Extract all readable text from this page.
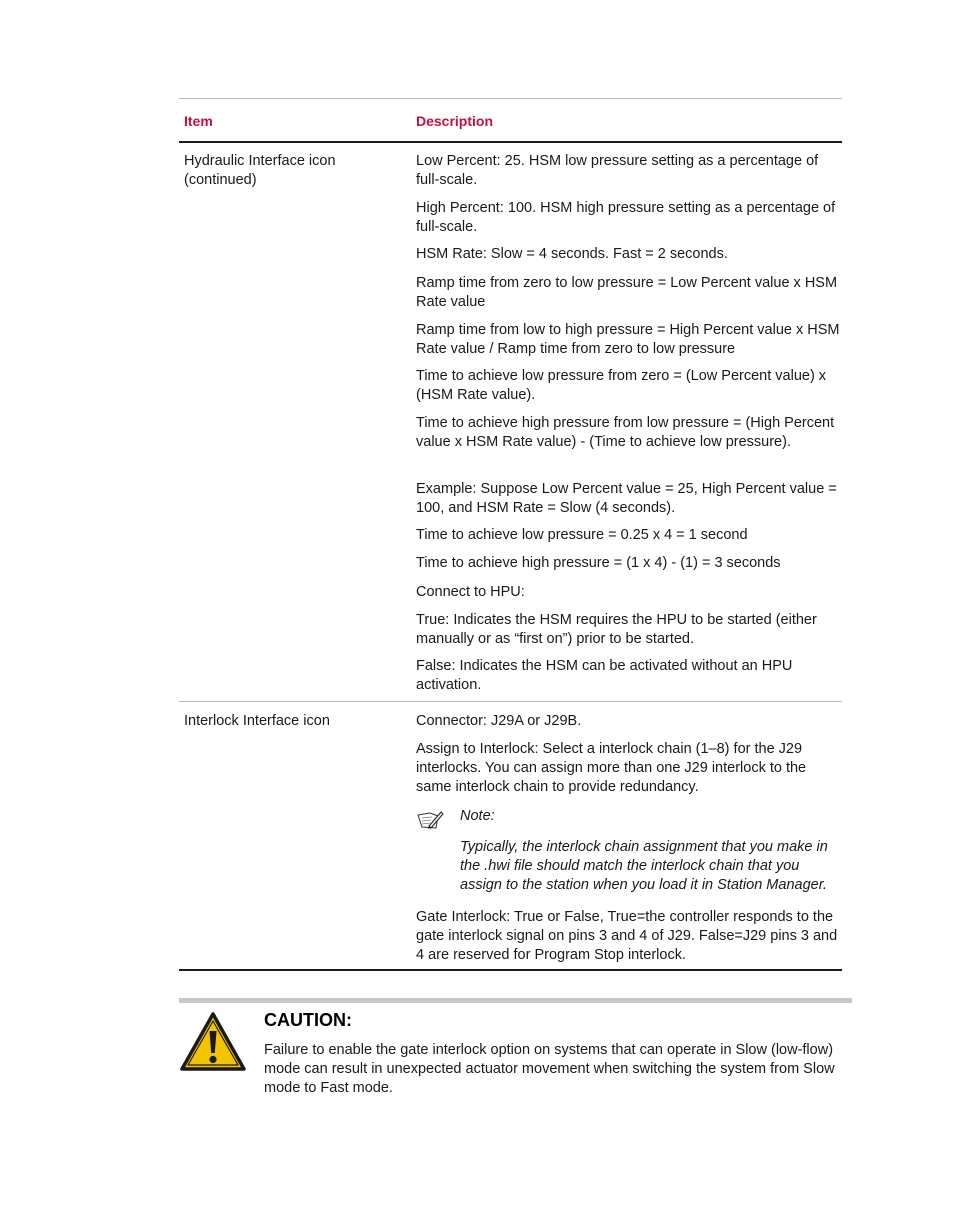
Item	Description
Hydraulic Interface icon (continued)

Low Percent: 25. HSM low pressure setting as a percentage of full-scale.

High Percent: 100. HSM high pressure setting as a percentage of full-scale.

HSM Rate: Slow = 4 seconds. Fast = 2 seconds.

Ramp time from zero to low pressure = Low Percent value x HSM Rate value

Ramp time from low to high pressure = High Percent value x HSM Rate value / Ramp time from zero to low pressure

Time to achieve low pressure from zero = (Low Percent value) x (HSM Rate value).

Time to achieve high pressure from low pressure = (High Percent value x HSM Rate value) - (Time to achieve low pressure).

Example: Suppose Low Percent value = 25, High Percent value = 100, and HSM Rate = Slow (4 seconds).

Time to achieve low pressure = 0.25 x 4 = 1 second

Time to achieve high pressure = (1 x 4) - (1) = 3 seconds

Connect to HPU:

True: Indicates the HSM requires the HPU to be started (either manually or as “first on”) prior to be started.

False: Indicates the HSM can be activated without an HPU activation.

Interlock Interface icon	Connector: J29A or J29B.

Assign to Interlock: Select a interlock chain (1–8) for the J29 interlocks. You can assign more than one J29 interlock to the same interlock chain to provide redundancy.

Note:
Typically, the interlock chain assignment that you make in the .hwi file should match the interlock chain that you assign to the station when you load it in Station Manager.

Gate Interlock: True or False, True=the controller responds to the gate interlock signal on pins 3 and 4 of J29. False=J29 pins 3 and 4 are reserved for Program Stop interlock.

CAUTION:
Failure to enable the gate interlock option on systems that can operate in Slow (low-flow) mode can result in unexpected actuator movement when switching the system from Slow mode to Fast mode.
